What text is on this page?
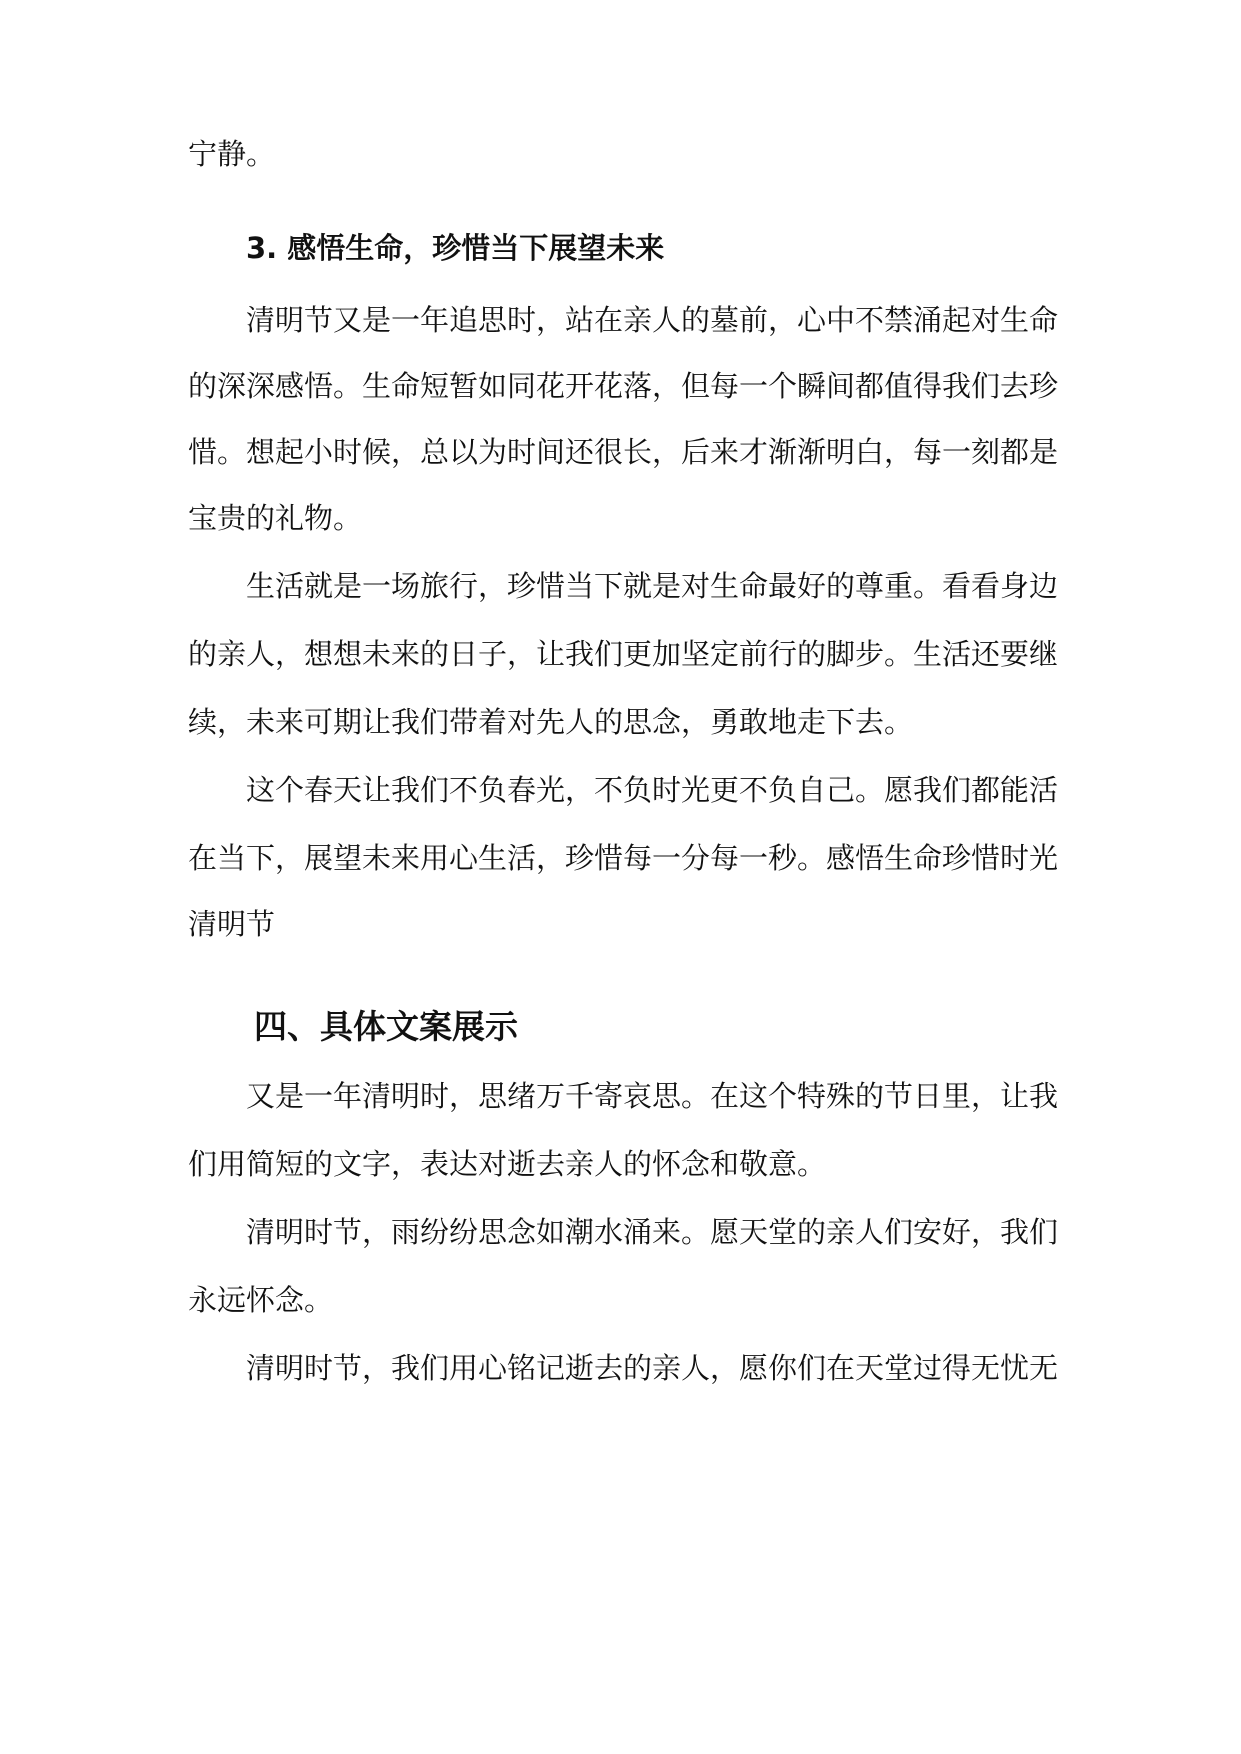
宁静。
3. 感悟生命，珍惜当下展望未来
清明节又是一年追思时，站在亲人的墓前，心中不禁涌起对生命
的深深感悟。生命短暂如同花开花落，但每一个瞬间都值得我们去珍
惜。想起小时候，总以为时间还很长，后来才渐渐明白，每一刻都是
宝贵的礼物。
生活就是一场旅行，珍惜当下就是对生命最好的尊重。看看身边
的亲人，想想未来的日子，让我们更加坚定前行的脚步。生活还要继
续，未来可期让我们带着对先人的思念，勇敢地走下去。
这个春天让我们不负春光，不负时光更不负自己。愿我们都能活
在当下，展望未来用心生活，珍惜每一分每一秒。感悟生命珍惜时光
清明节
四、具体文案展示
又是一年清明时，思绪万千寄哀思。在这个特殊的节日里，让我
们用简短的文字，表达对逝去亲人的怀念和敬意。
清明时节，雨纷纷思念如潮水涌来。愿天堂的亲人们安好，我们
永远怀念。
清明时节，我们用心铭记逝去的亲人，愿你们在天堂过得无忧无
